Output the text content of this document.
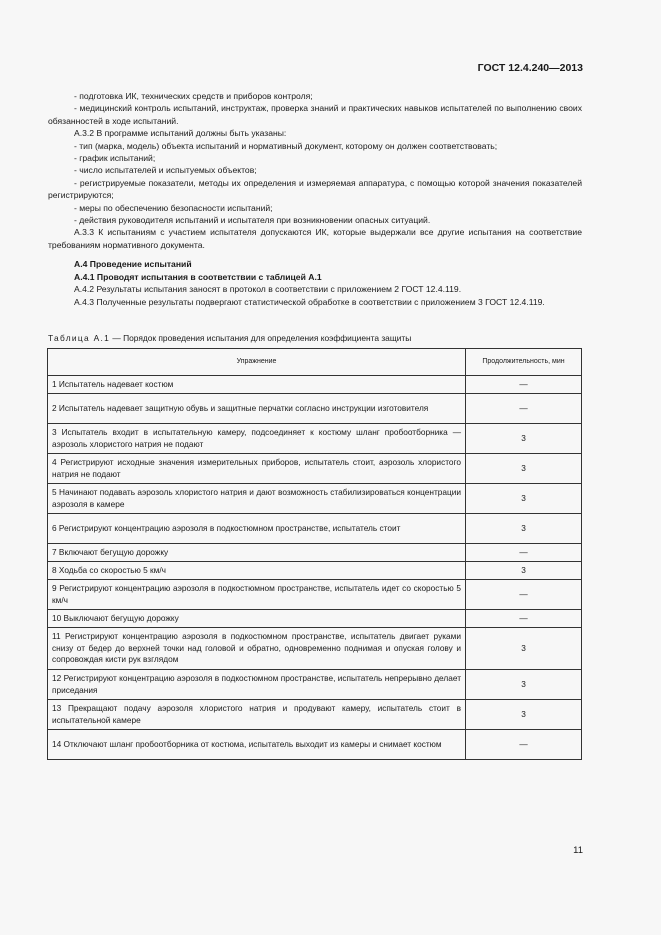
ГОСТ 12.4.240—2013

- подготовка ИК, технических средств и приборов контроля;

- медицинский контроль испытаний, инструктаж, проверка знаний и практических навыков испытателей по выполнению своих обязанностей в ходе испытаний.

А.3.2 В программе испытаний должны быть указаны:

- тип (марка, модель) объекта испытаний и нормативный документ, которому он должен соответствовать;

- график испытаний;

- число испытателей и испытуемых объектов;

- регистрируемые показатели, методы их определения и измеряемая аппаратура, с помощью которой значения показателей регистрируются;

- меры по обеспечению безопасности испытаний;

- действия руководителя испытаний и испытателя при возникновении опасных ситуаций.

А.3.3 К испытаниям с участием испытателя допускаются ИК, которые выдержали все другие испытания на соответствие требованиям нормативного документа.

А.4 Проведение испытаний

А.4.1 Проводят испытания в соответствии с таблицей А.1

А.4.2 Результаты испытания заносят в протокол в соответствии с приложением 2 ГОСТ 12.4.119.

А.4.3 Полученные результаты подвергают статистической обработке в соответствии с приложением 3 ГОСТ 12.4.119.

Таблица А.1 — Порядок проведения испытания для определения коэффициента защиты
Упражнение	Продолжительность, мин
1 Испытатель надевает костюм	—
2 Испытатель надевает защитную обувь и защитные перчатки согласно инструкции изготовителя	—
3 Испытатель входит в испытательную камеру, подсоединяет к костюму шланг пробоотборника — аэрозоль хлористого натрия не подают	3
4 Регистрируют исходные значения измерительных приборов, испытатель стоит, аэрозоль хлористого натрия не подают	3
5 Начинают подавать аэрозоль хлористого натрия и дают возможность стабилизироваться концентрации аэрозоля в камере	3
6 Регистрируют концентрацию аэрозоля в подкостюмном пространстве, испытатель стоит	3
7 Включают бегущую дорожку	—
8 Ходьба со скоростью 5 км/ч	3
9 Регистрируют концентрацию аэрозоля в подкостюмном пространстве, испытатель идет со скоростью 5 км/ч	—
10 Выключают бегущую дорожку	—
11 Регистрируют концентрацию аэрозоля в подкостюмном пространстве, испытатель двигает руками снизу от бедер до верхней точки над головой и обратно, одновременно поднимая и опуская голову и сопровождая кисти рук взглядом	3
12 Регистрируют концентрацию аэрозоля в подкостюмном пространстве, испытатель непрерывно делает приседания	3
13 Прекращают подачу аэрозоля хлористого натрия и продувают камеру, испытатель стоит в испытательной камере	3
14 Отключают шланг пробоотборника от костюма, испытатель выходит из камеры и снимает костюм	—
11
